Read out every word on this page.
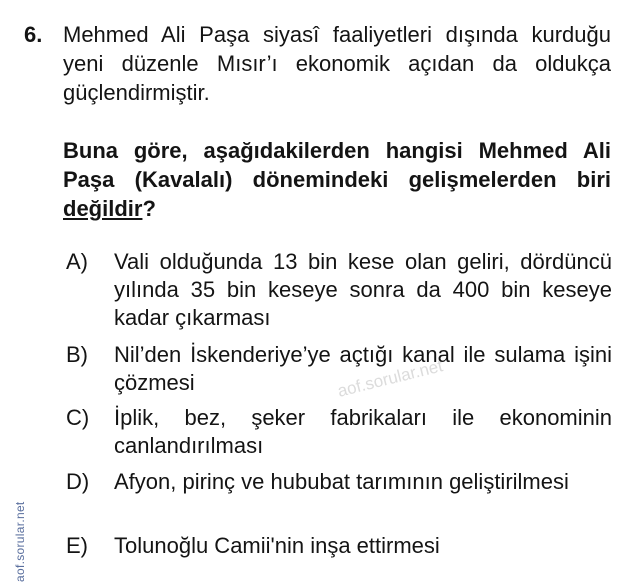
6. Mehmed Ali Paşa siyasî faaliyetleri dışında kurduğu yeni düzenle Mısır’ı ekonomik açıdan da oldukça güçlendirmiştir.
Buna göre, aşağıdakilerden hangisi Mehmed Ali Paşa (Kavalalı) dönemindeki gelişmelerden biri değildir?
A) Vali olduğunda 13 bin kese olan geliri, dördüncü yılında 35 bin keseye sonra da 400 bin keseye kadar çıkarması
B) Nil’den İskenderiye’ye açtığı kanal ile sulama işini çözmesi
C) İplik, bez, şeker fabrikaları ile ekonominin canlandırılması
D) Afyon, pirinç ve hububat tarımının geliştirilmesi
E) Tolunoğlu Camii'nin inşa ettirmesi
aof.sorular.net
aof.sorular.net
